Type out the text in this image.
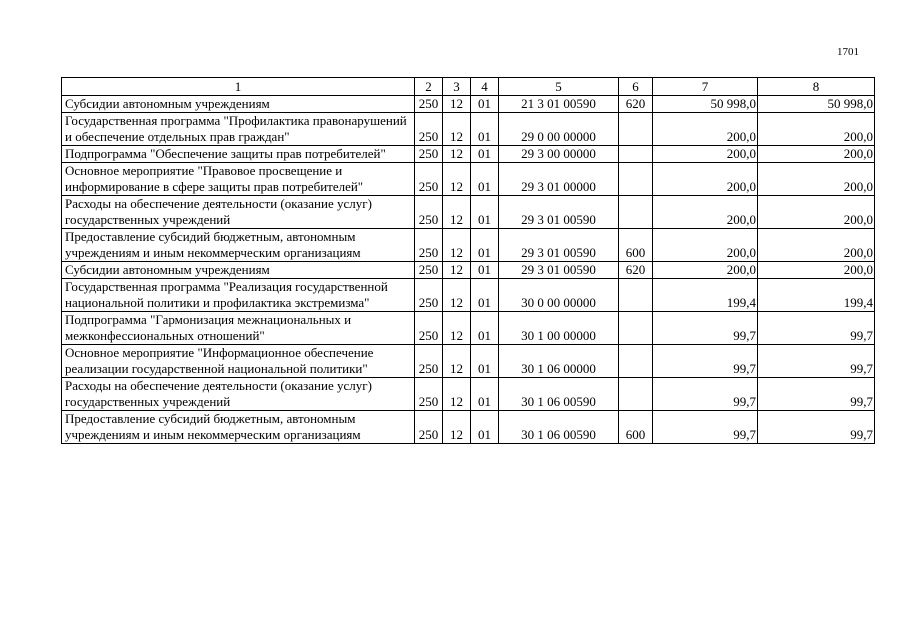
1701
1	2	3	4	5	6	7	8
Субсидии автономным учреждениям	250	12	01	21 3 01 00590	620	50 998,0	50 998,0
Государственная программа "Профилактика правонарушений и обеспечение отдельных прав граждан"	250	12	01	29 0 00 00000		200,0	200,0
Подпрограмма "Обеспечение защиты прав потребителей"	250	12	01	29 3 00 00000		200,0	200,0
Основное мероприятие "Правовое просвещение и информирование в сфере защиты прав потребителей"	250	12	01	29 3 01 00000		200,0	200,0
Расходы на обеспечение деятельности (оказание услуг) государственных учреждений	250	12	01	29 3 01 00590		200,0	200,0
Предоставление субсидий бюджетным, автономным учреждениям и иным некоммерческим организациям	250	12	01	29 3 01 00590	600	200,0	200,0
Субсидии автономным учреждениям	250	12	01	29 3 01 00590	620	200,0	200,0
Государственная программа "Реализация государственной национальной политики и профилактика экстремизма"	250	12	01	30 0 00 00000		199,4	199,4
Подпрограмма "Гармонизация межнациональных и межконфессиональных отношений"	250	12	01	30 1 00 00000		99,7	99,7
Основное мероприятие "Информационное обеспечение реализации государственной национальной политики"	250	12	01	30 1 06 00000		99,7	99,7
Расходы на обеспечение деятельности (оказание услуг) государственных учреждений	250	12	01	30 1 06 00590		99,7	99,7
Предоставление субсидий бюджетным, автономным учреждениям и иным некоммерческим организациям	250	12	01	30 1 06 00590	600	99,7	99,7
